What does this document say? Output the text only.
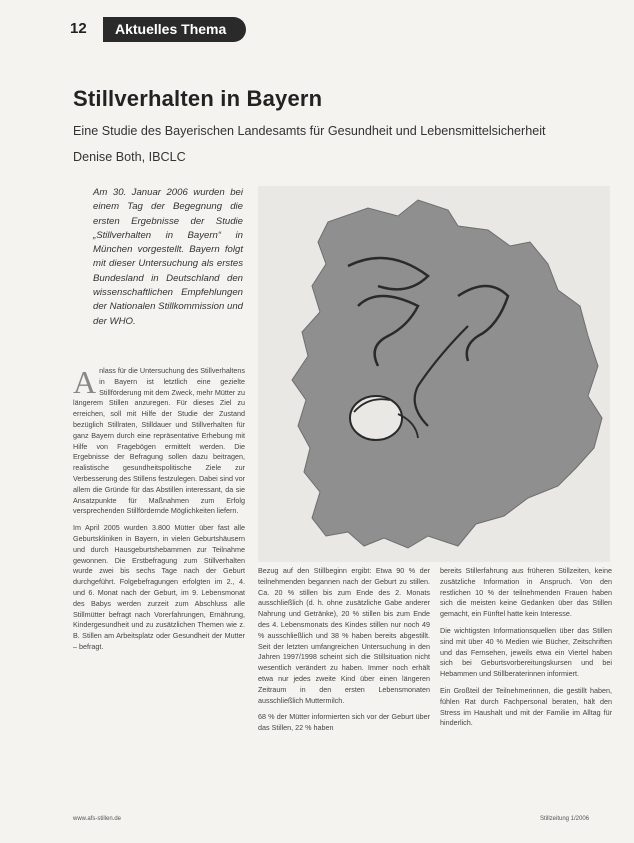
12	Aktuelles Thema
Stillverhalten in Bayern

Eine Studie des Bayerischen Landesamts für Gesundheit und Lebensmittelsicherheit

Denise Both, IBCLC

Am 30. Januar 2006 wurden bei einem Tag der Begegnung die ersten Ergebnisse der Studie „Stillverhalten in Bayern“ in München vorgestellt. Bayern folgt mit dieser Untersuchung als erstes Bundesland in Deutschland den wissenschaftlichen Empfehlungen der Nationalen Stillkommission und der WHO.

Anlass für die Untersuchung des Stillverhaltens in Bayern ist letztlich eine gezielte Stillförderung mit dem Zweck, mehr Mütter zu längerem Stillen anzuregen. Für dieses Ziel zu erreichen, soll mit Hilfe der Studie der Zustand bezüglich Stillraten, Stilldauer und Stillverhalten für ganz Bayern durch eine repräsentative Erhebung mit Hilfe von Fragebögen ermittelt werden. Die Ergebnisse der Befragung sollen dazu beitragen, realistische gesundheitspolitische Ziele zur Verbesserung des Stillens festzulegen. Dabei sind vor allem die Gründe für das Abstillen interessant, da sie Ansatzpunkte für Maßnahmen zum Erfolg versprechenden Stillfördernde Möglichkeiten liefern.

Im April 2005 wurden 3.800 Mütter über fast alle Geburtskliniken in Bayern, in vielen Geburtshäusern und durch Hausgeburtshebammen zur Teilnahme gewonnen. Die Erstbefragung zum Stillverhalten wurde zwei bis sechs Tage nach der Geburt durchgeführt. Folgebefragungen erfolgten im 2., 4. und 6. Monat nach der Geburt, im 9. Lebensmonat des Babys werden zurzeit zum Abschluss alle Stillmütter befragt nach Vorerfahrungen, Ernährung, Kindergesundheit und zu zusätzlichen Themen wie z. B. Stillen am Arbeitsplatz oder Gesundheit der Mutter – befragt.

Bezug auf den Stillbeginn ergibt: Etwa 90 % der teilnehmenden begannen nach der Geburt zu stillen. Ca. 20 % stillen bis zum Ende des 2. Monats ausschließlich (d. h. ohne zusätzliche Gabe anderer Nahrung und Getränke), 20 % stillen bis zum Ende des 4. Lebensmonats des Kindes stillen nur noch 49 % ausschließlich und 38 % haben bereits abgestillt. Seit der letzten umfangreichen Untersuchung in den Jahren 1997/1998 scheint sich die Stillsituation nicht wesentlich verändert zu haben. Immer noch erhält etwa nur jedes zweite Kind über einen längeren Zeitraum in den ersten Lebensmonaten ausschließlich Muttermilch.

68 % der Mütter informierten sich vor der Geburt über das Stillen, 22 % haben

bereits Stillerfahrung aus früheren Stillzeiten, keine zusätzliche Information in Anspruch. Von den restlichen 10 % der teilnehmenden Frauen haben sich die meisten keine Gedanken über das Stillen gemacht, ein Fünftel hatte kein Interesse.

Die wichtigsten Informationsquellen über das Stillen sind mit über 40 % Medien wie Bücher, Zeitschriften und das Fernsehen, jeweils etwa ein Viertel haben sich bei Geburtsvorbereitungskursen und bei Hebammen und Stillberaterinnen informiert.

Ein Großteil der Teilnehmerinnen, die gestillt haben, fühlen Rat durch Fachpersonal beraten, hält den Stress im Haushalt und mit der Familie im Alltag für hinderlich.

www.afs-stillen.de	Stillzeitung 1/2006
